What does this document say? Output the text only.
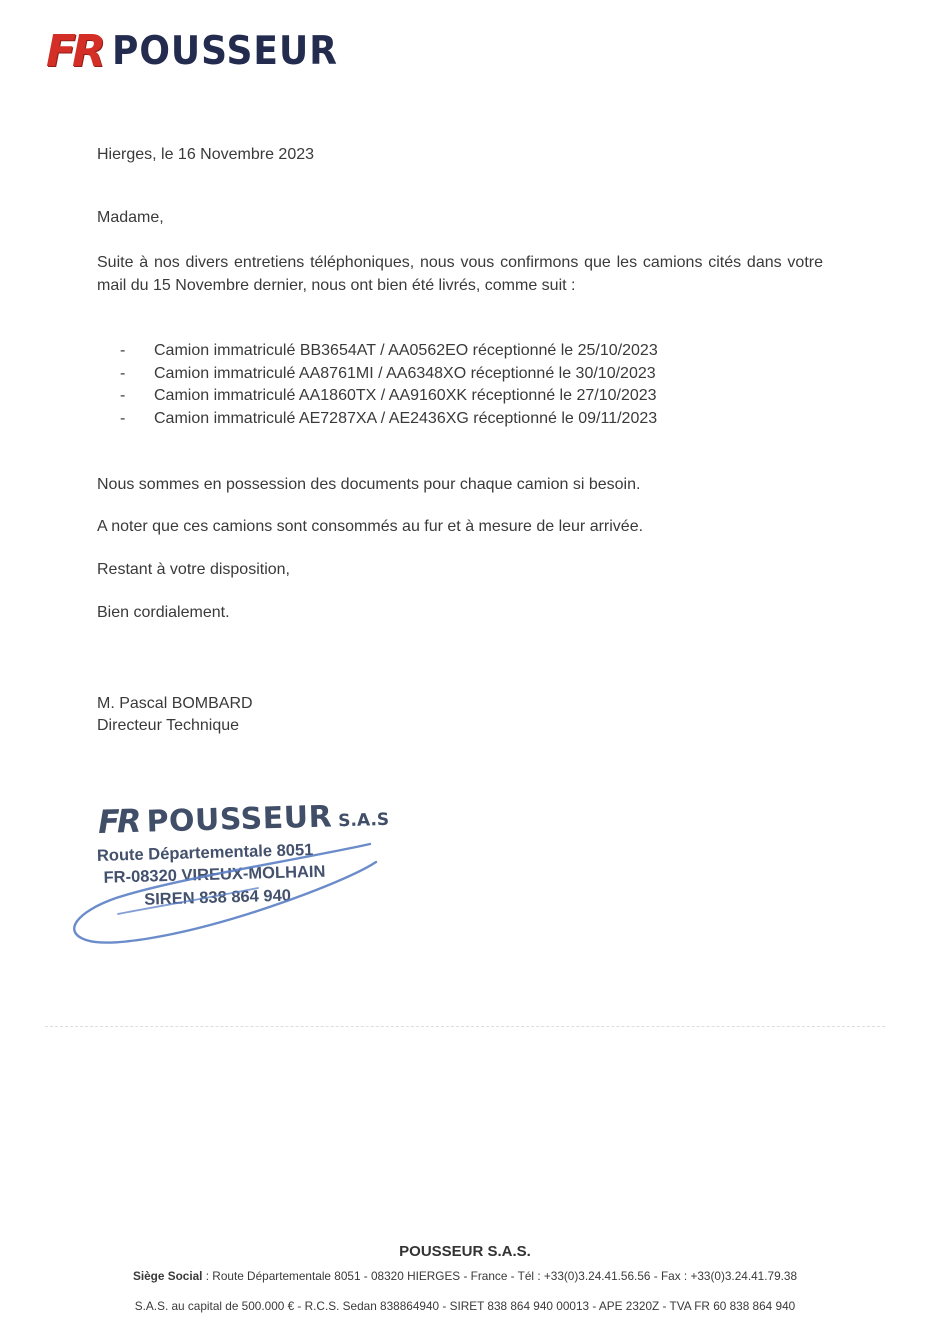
FR POUSSEUR
Hierges, le 16 Novembre 2023
Madame,
Suite à nos divers entretiens téléphoniques, nous vous confirmons que les camions cités dans votre mail du 15 Novembre dernier, nous ont bien été livrés, comme suit :
-	Camion immatriculé BB3654AT / AA0562EO réceptionné le 25/10/2023
-	Camion immatriculé AA8761MI / AA6348XO réceptionné le 30/10/2023
-	Camion immatriculé AA1860TX / AA9160XK réceptionné le 27/10/2023
-	Camion immatriculé AE7287XA / AE2436XG réceptionné le 09/11/2023
Nous sommes en possession des documents pour chaque camion si besoin.
A noter que ces camions sont consommés au fur et à mesure de leur arrivée.
Restant à votre disposition,
Bien cordialement.
M. Pascal BOMBARD
Directeur Technique
FR POUSSEUR S.A.S
Route Départementale 8051
FR-08320 VIREUX-MOLHAIN
SIREN 838 864 940
POUSSEUR S.A.S.
Siège Social : Route Départementale 8051 - 08320 HIERGES - France - Tél : +33(0)3.24.41.56.56 - Fax : +33(0)3.24.41.79.38
S.A.S. au capital de 500.000 € - R.C.S. Sedan 838864940 - SIRET 838 864 940 00013 - APE 2320Z - TVA FR 60 838 864 940
